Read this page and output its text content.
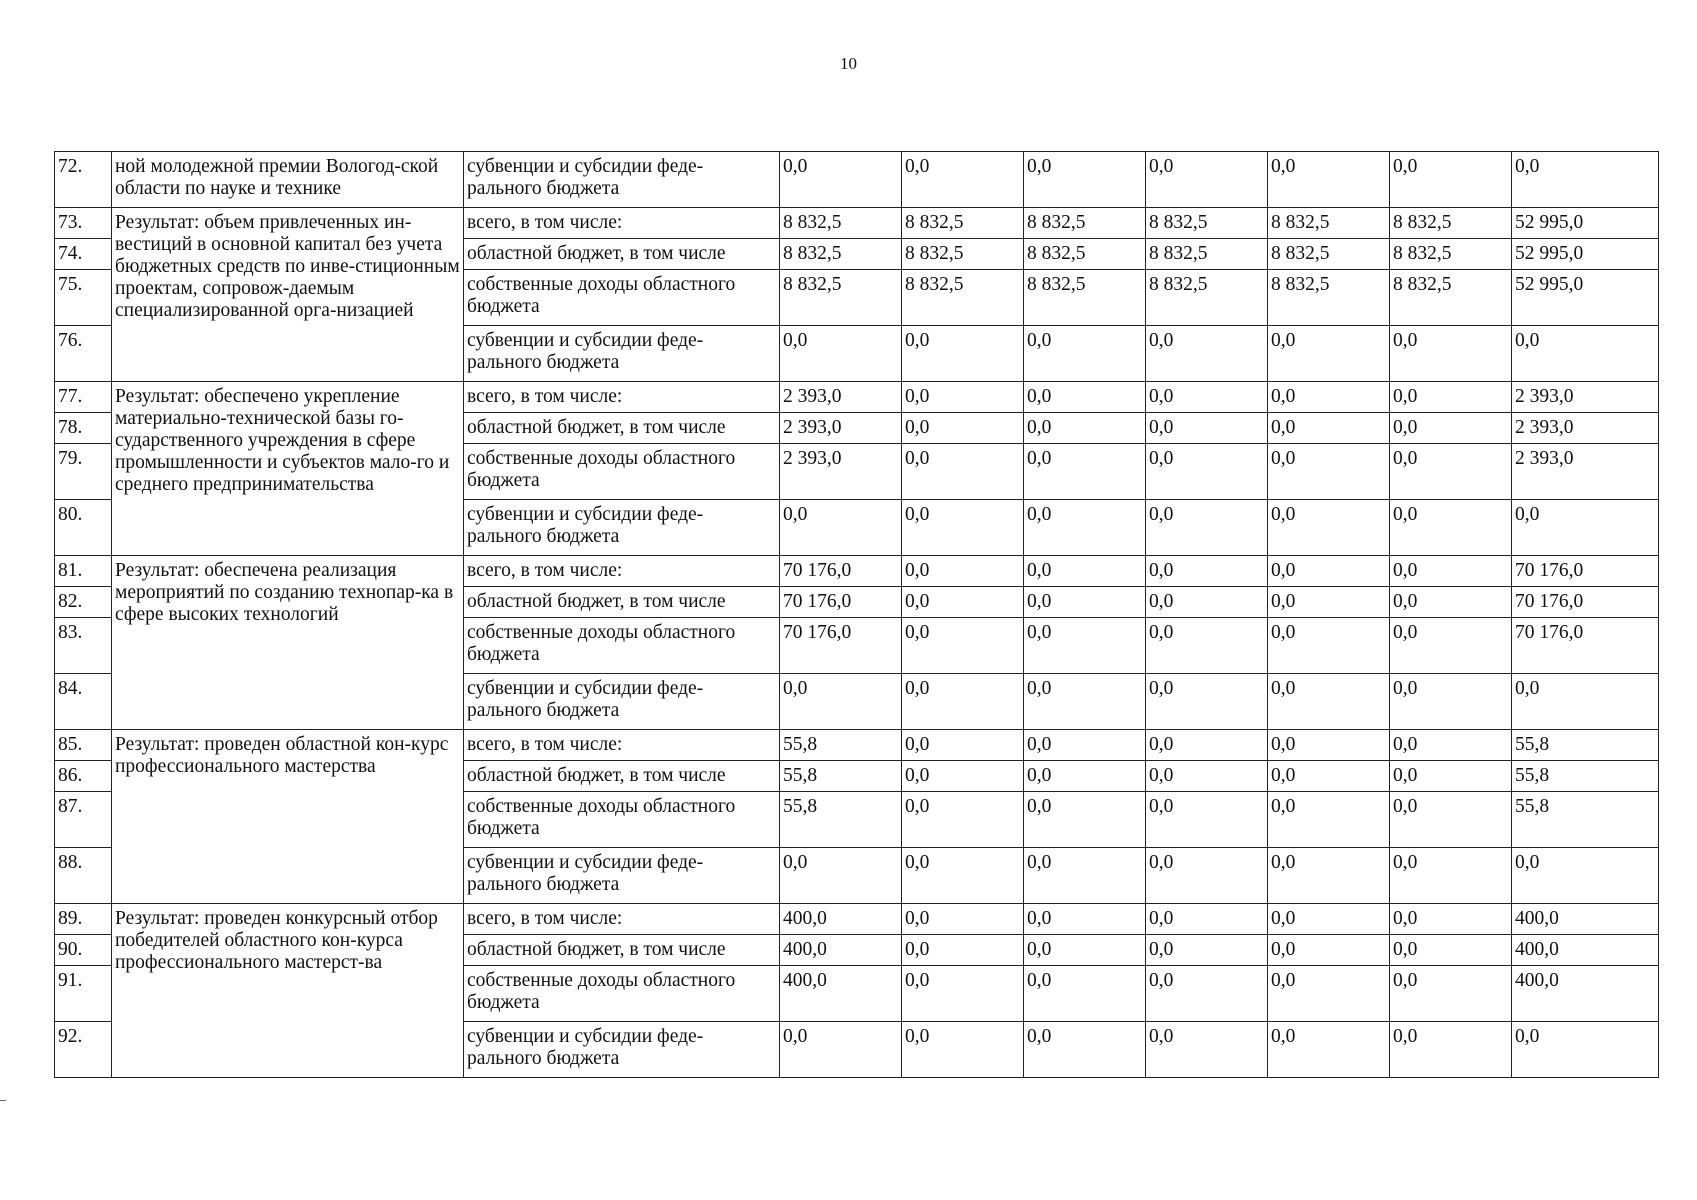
10
72.	ной молодежной премии Вологод-ской области по науке и технике	субвенции и субсидии феде-рального бюджета	0,0	0,0	0,0	0,0	0,0	0,0	0,0
73.	Результат: объем привлеченных ин-вестиций в основной капитал без учета бюджетных средств по инве-стиционным проектам, сопровож-даемым специализированной орга-низацией	всего, в том числе:	8 832,5	8 832,5	8 832,5	8 832,5	8 832,5	8 832,5	52 995,0
74.		областной бюджет, в том числе	8 832,5	8 832,5	8 832,5	8 832,5	8 832,5	8 832,5	52 995,0
75.		собственные доходы областного бюджета	8 832,5	8 832,5	8 832,5	8 832,5	8 832,5	8 832,5	52 995,0
76.		субвенции и субсидии феде-рального бюджета	0,0	0,0	0,0	0,0	0,0	0,0	0,0
77.	Результат: обеспечено укрепление материально-технической базы го-сударственного учреждения в сфере промышленности и субъектов мало-го и среднего предпринимательства	всего, в том числе:	2 393,0	0,0	0,0	0,0	0,0	0,0	2 393,0
78.		областной бюджет, в том числе	2 393,0	0,0	0,0	0,0	0,0	0,0	2 393,0
79.		собственные доходы областного бюджета	2 393,0	0,0	0,0	0,0	0,0	0,0	2 393,0
80.		субвенции и субсидии феде-рального бюджета	0,0	0,0	0,0	0,0	0,0	0,0	0,0
81.	Результат: обеспечена реализация мероприятий по созданию технопар-ка в сфере высоких технологий	всего, в том числе:	70 176,0	0,0	0,0	0,0	0,0	0,0	70 176,0
82.		областной бюджет, в том числе	70 176,0	0,0	0,0	0,0	0,0	0,0	70 176,0
83.		собственные доходы областного бюджета	70 176,0	0,0	0,0	0,0	0,0	0,0	70 176,0
84.		субвенции и субсидии феде-рального бюджета	0,0	0,0	0,0	0,0	0,0	0,0	0,0
85.	Результат: проведен областной кон-курс профессионального мастерства	всего, в том числе:	55,8	0,0	0,0	0,0	0,0	0,0	55,8
86.		областной бюджет, в том числе	55,8	0,0	0,0	0,0	0,0	0,0	55,8
87.		собственные доходы областного бюджета	55,8	0,0	0,0	0,0	0,0	0,0	55,8
88.		субвенции и субсидии феде-рального бюджета	0,0	0,0	0,0	0,0	0,0	0,0	0,0
89.	Результат: проведен конкурсный отбор победителей областного кон-курса профессионального мастерст-ва	всего, в том числе:	400,0	0,0	0,0	0,0	0,0	0,0	400,0
90.		областной бюджет, в том числе	400,0	0,0	0,0	0,0	0,0	0,0	400,0
91.		собственные доходы областного бюджета	400,0	0,0	0,0	0,0	0,0	0,0	400,0
92.		субвенции и субсидии феде-рального бюджета	0,0	0,0	0,0	0,0	0,0	0,0	0,0
